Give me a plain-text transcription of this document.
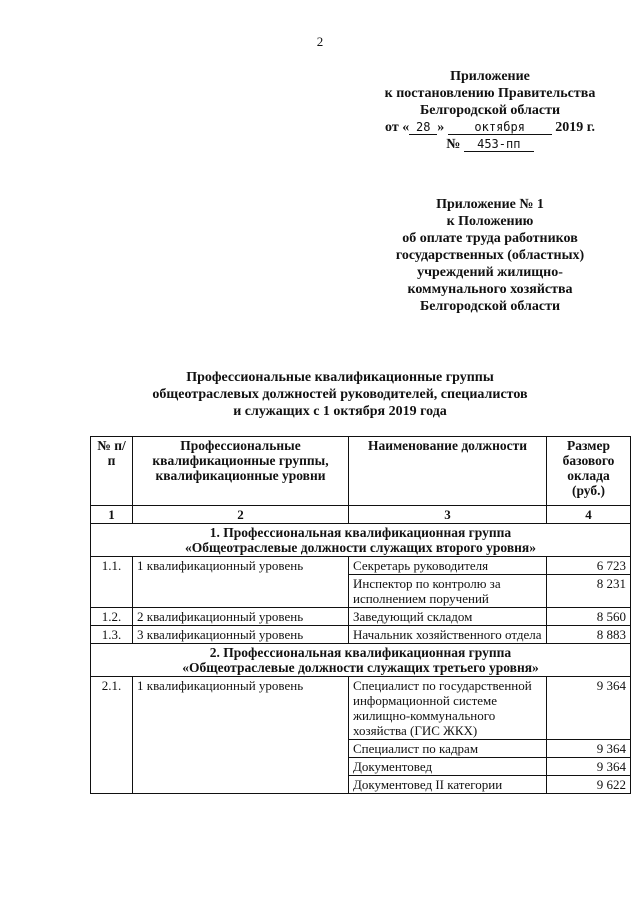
2
Приложение
к постановлению Правительства
Белгородской области
от « 28 »	октября 2019 г.
№ 453-пп
Приложение № 1
к Положению
об оплате труда работников
государственных (областных)
учреждений жилищно-
коммунального хозяйства
Белгородской области
Профессиональные квалификационные группы
общеотраслевых должностей руководителей, специалистов
и служащих с 1 октября 2019 года
№ п/п	Профессиональные квалификационные группы, квалификационные уровни	Наименование должности	Размер базового оклада (руб.)
1	2	3	4

1. Профессиональная квалификационная группа
«Общеотраслевые должности служащих второго уровня»			

1.1.	1 квалификационный уровень	Секретарь руководителя	6 723
		Инспектор по контролю за исполнением поручений	8 231
1.2.	2 квалификационный уровень	Заведующий складом	8 560
1.3.	3 квалификационный уровень	Начальник хозяйственного отдела	8 883

2. Профессиональная квалификационная группа
«Общеотраслевые должности служащих третьего уровня»			

2.1.	1 квалификационный уровень	Специалист по государственной информационной системе жилищно-коммунального хозяйства (ГИС ЖКХ)	9 364
		Специалист по кадрам	9 364
		Документовед	9 364
		Документовед II категории	9 622
